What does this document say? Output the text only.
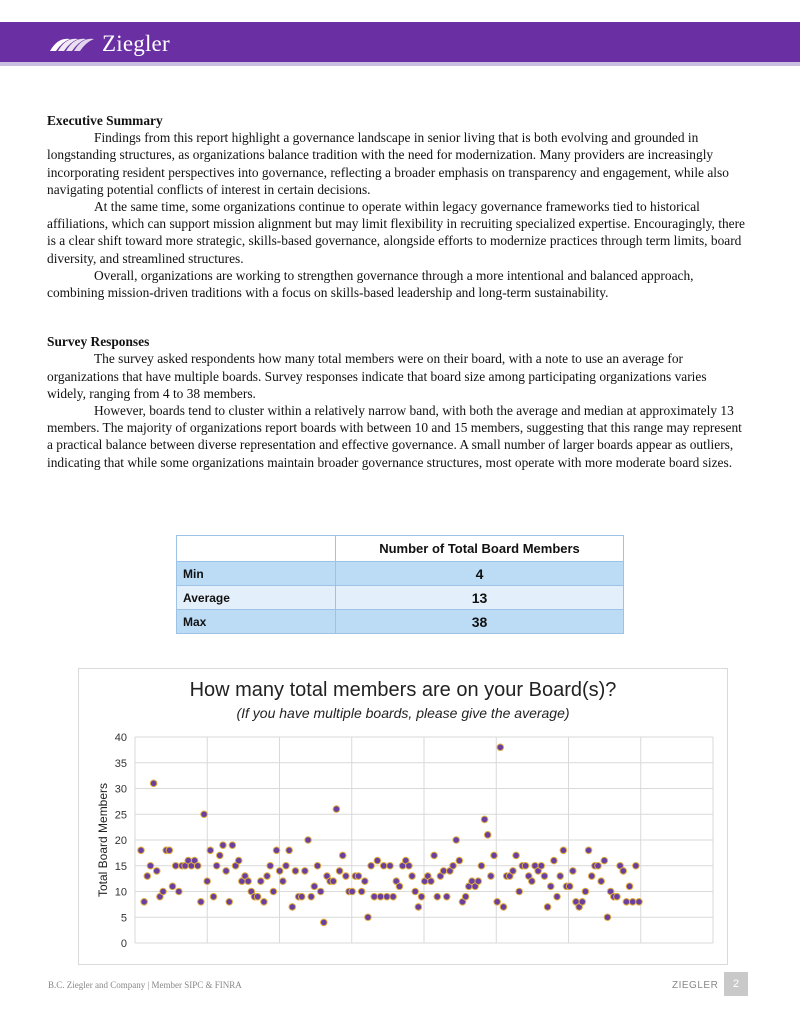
Ziegler

Executive Summary

Findings from this report highlight a governance landscape in senior living that is both evolving and grounded in longstanding structures, as organizations balance tradition with the need for modernization. Many providers are increasingly incorporating resident perspectives into governance, reflecting a broader emphasis on transparency and engagement, while also navigating potential conflicts of interest in certain decisions.

At the same time, some organizations continue to operate within legacy governance frameworks tied to historical affiliations, which can support mission alignment but may limit flexibility in recruiting specialized expertise. Encouragingly, there is a clear shift toward more strategic, skills-based governance, alongside efforts to modernize practices through term limits, board diversity, and streamlined structures.

Overall, organizations are working to strengthen governance through a more intentional and balanced approach, combining mission-driven traditions with a focus on skills-based leadership and long-term sustainability.

Survey Responses

The survey asked respondents how many total members were on their board, with a note to use an average for organizations that have multiple boards. Survey responses indicate that board size among participating organizations varies widely, ranging from 4 to 38 members.

However, boards tend to cluster within a relatively narrow band, with both the average and median at approximately 13 members. The majority of organizations report boards with between 10 and 15 members, suggesting that this range may represent a practical balance between diverse representation and effective governance. A small number of larger boards appear as outliers, indicating that while some organizations maintain broader governance structures, most operate with more moderate board sizes.

	Number of Total Board Members
Min	4
Average	13
Max	38
How many total members are on your Board(s)?
(If you have multiple boards, please give the average)
0
5
10
15
20
25
30
35
40
Total Board Members
B.C. Ziegler and Company | Member SIPC & FINRA	ZIEGLER	2
